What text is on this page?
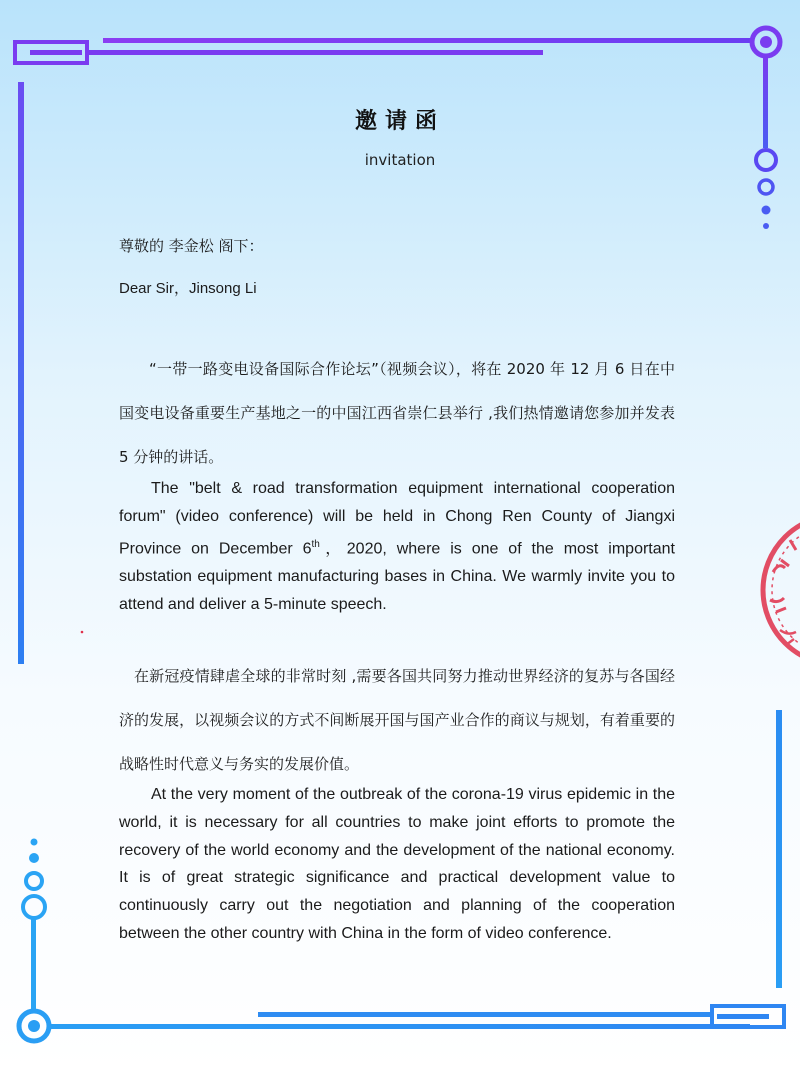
邀请函
invitation
尊敬的 李金松 阁下：
Dear Sir，Jinsong Li
“一带一路变电设备国际合作论坛”（视频会议），将在 2020 年 12 月 6 日在中国变电设备重要生产基地之一的中国江西省崇仁县举行 ,我们热情邀请您参加并发表 5 分钟的讲话。
The "belt & road transformation equipment international cooperation forum" (video conference) will be held in Chong Ren County of Jiangxi Province on December 6th，2020, where is one of the most important substation equipment manufacturing bases in China. We warmly invite you to attend and deliver a 5-minute speech.
在新冠疫情肆虐全球的非常时刻 ,需要各国共同努力推动世界经济的复苏与各国经济的发展，以视频会议的方式不间断展开国与国产业合作的商议与规划，有着重要的战略性时代意义与务实的发展价值。
At the very moment of the outbreak of the corona-19 virus epidemic in the world, it is necessary for all countries to make joint efforts to promote the recovery of the world economy and the development of the national economy. It is of great strategic significance and practical development value to continuously carry out the negotiation and planning of the cooperation between the other country with China in the form of video conference.
